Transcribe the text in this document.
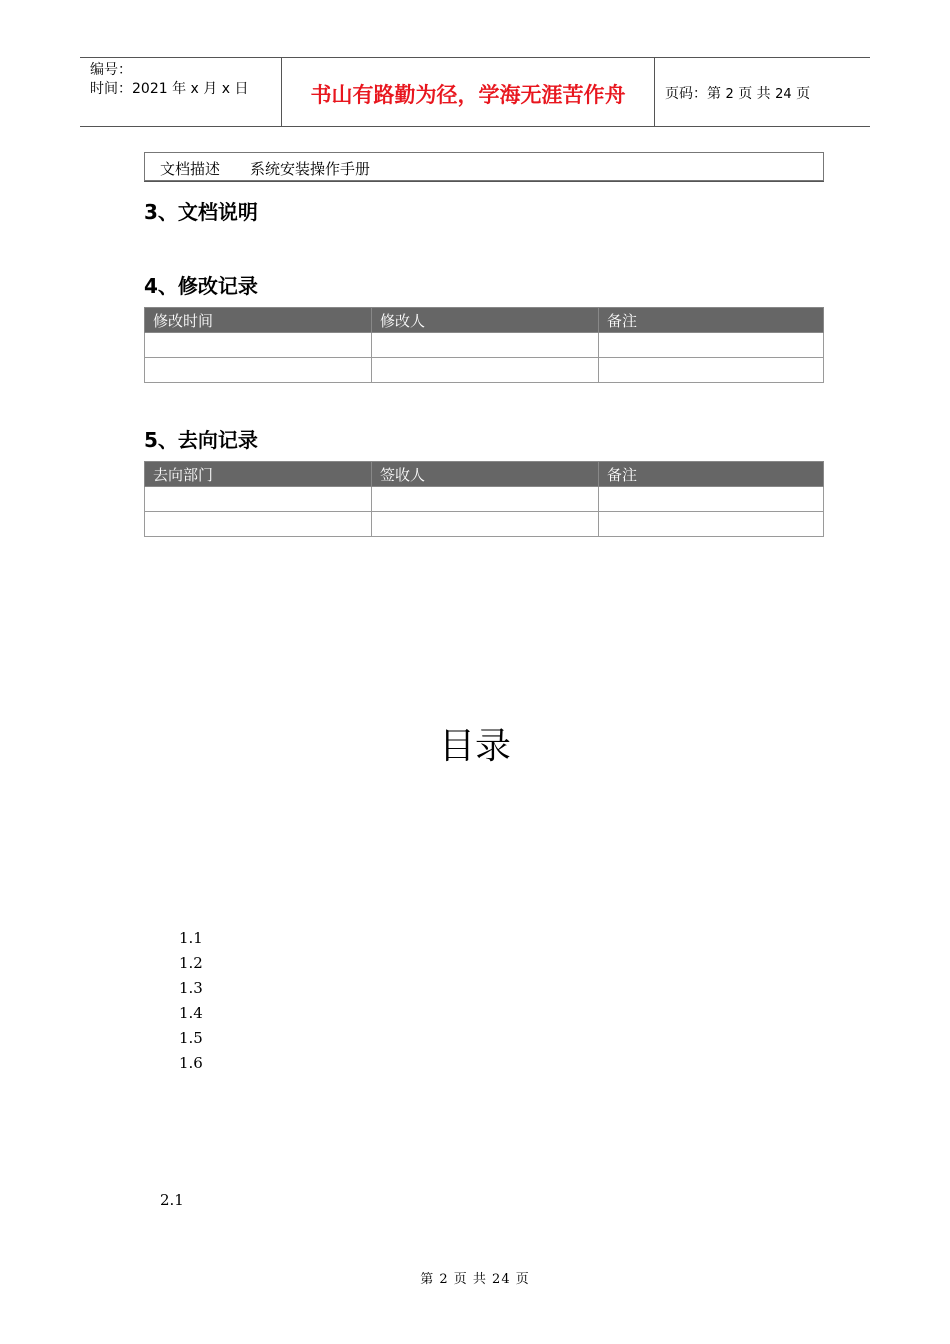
编号：
时间：2021 年 x 月 x 日	书山有路勤为径，学海无涯苦作舟	页码：第 2 页 共 24 页
文档描述 系统安装操作手册
3、文档说明
4、修改记录
修改时间	修改人	备注

5、去向记录
去向部门	签收人	备注

目录
1.1
1.2
1.3
1.4
1.5
1.6
2.1
第 2 页 共 24 页
